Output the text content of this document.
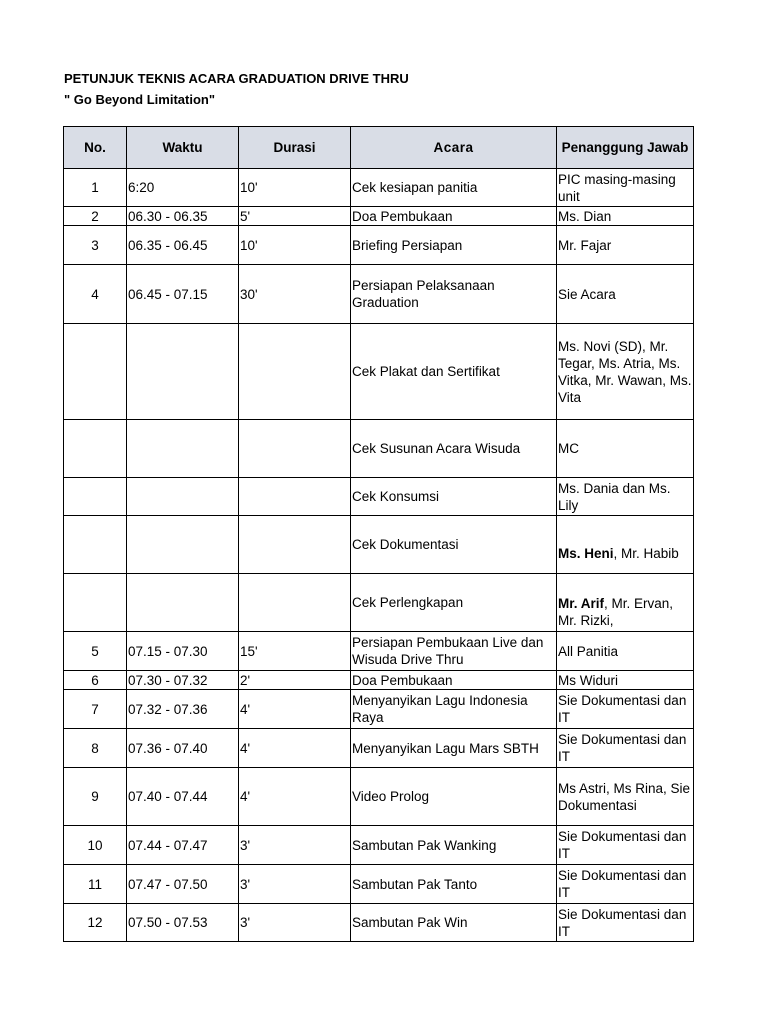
PETUNJUK TEKNIS ACARA GRADUATION DRIVE THRU
" Go Beyond Limitation"
No.	Waktu	Durasi	Acara	Penanggung Jawab
1	6:20	10'	Cek kesiapan panitia	PIC masing-masing unit
2	06.30 - 06.35	5'	Doa Pembukaan	Ms. Dian
3	06.35 - 06.45	10'	Briefing Persiapan	Mr. Fajar
4	06.45 - 07.15	30'	Persiapan Pelaksanaan Graduation	Sie Acara
			Cek Plakat dan Sertifikat	Ms. Novi (SD), Mr. Tegar, Ms. Atria, Ms. Vitka, Mr. Wawan, Ms. Vita
			Cek Susunan Acara Wisuda	MC
			Cek Konsumsi	Ms. Dania dan Ms. Lily
			Cek Dokumentasi	Ms. Heni, Mr. Habib
			Cek Perlengkapan	Mr. Arif, Mr. Ervan, Mr. Rizki,
5	07.15 - 07.30	15'	Persiapan Pembukaan Live dan Wisuda Drive Thru	All Panitia
6	07.30 - 07.32	2'	Doa Pembukaan	Ms Widuri
7	07.32 - 07.36	4'	Menyanyikan Lagu Indonesia Raya	Sie Dokumentasi dan IT
8	07.36 - 07.40	4'	Menyanyikan Lagu Mars SBTH	Sie Dokumentasi dan IT
9	07.40 - 07.44	4'	Video Prolog	Ms Astri, Ms Rina, Sie Dokumentasi
10	07.44 - 07.47	3'	Sambutan Pak Wanking	Sie Dokumentasi dan IT
11	07.47 - 07.50	3'	Sambutan Pak Tanto	Sie Dokumentasi dan IT
12	07.50 - 07.53	3'	Sambutan Pak Win	Sie Dokumentasi dan IT
